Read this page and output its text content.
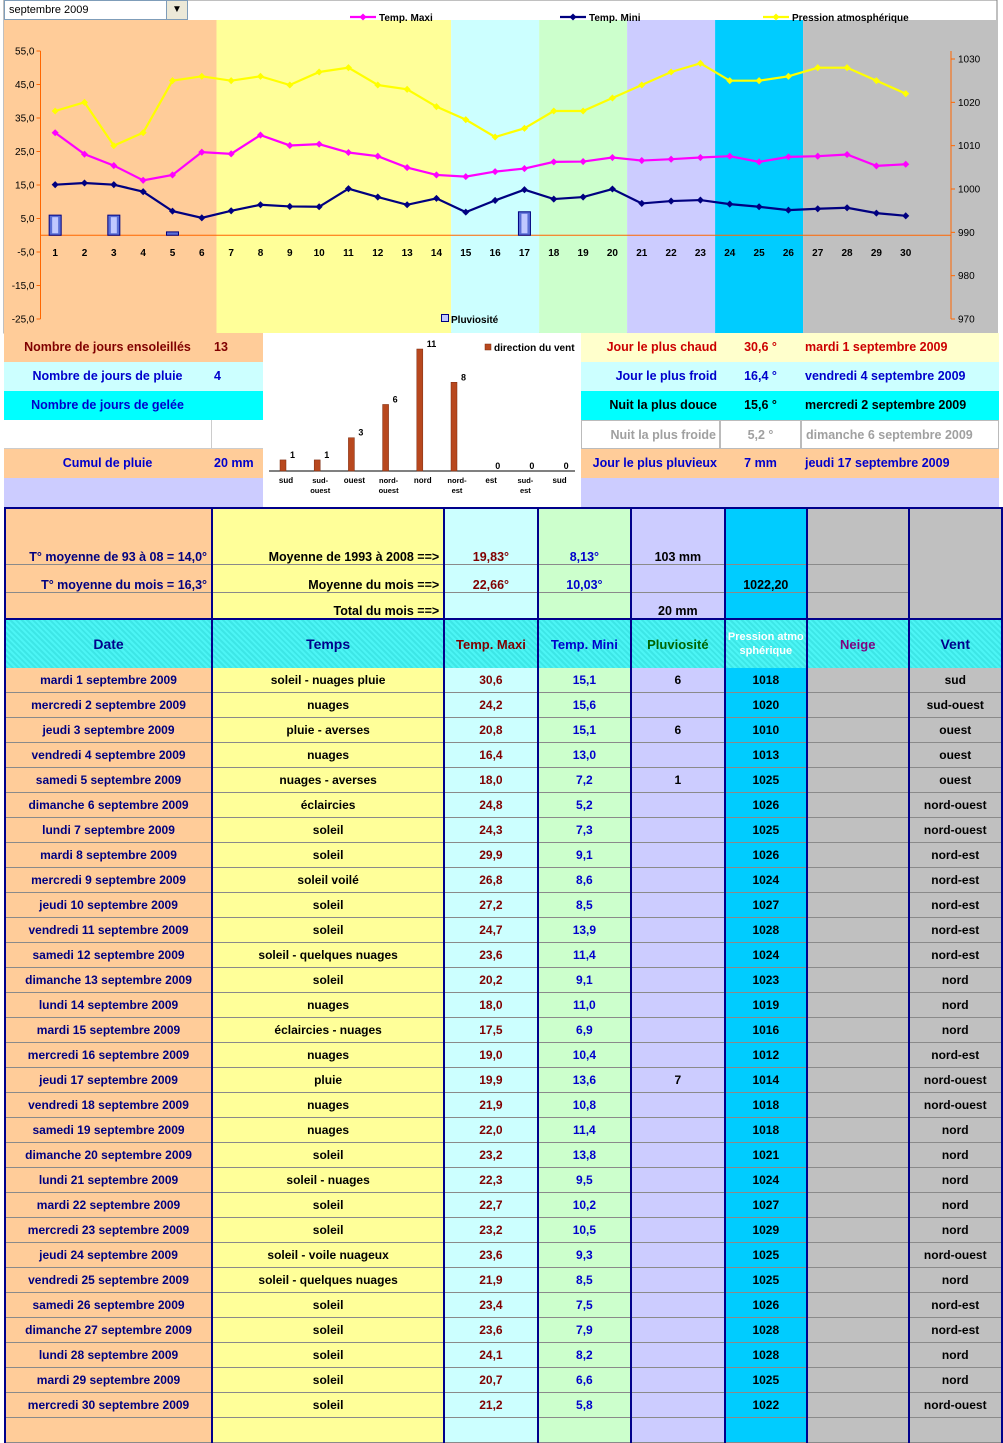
55,0
45,0
35,0
25,0
15,0
5,0
-5,0
-15,0
-25,0
1030
1020
1010
1000
990
980
970
1 2 3 4 5 6 7 8 9 10 11 12 13 14 15 16 17 18 19 20 21 22 23 24 25 26 27 28 29 30
Temp. Maxi	Temp. Mini	Pression atmosphérique
Pluviosité
septembre 2009	▼
Nombre de jours ensoleillés	13
Nombre de jours de pluie	4
Nombre de jours de gelée
Cumul de pluie	20 mm
1
sud
1
sud-ouest
3
ouest
6
nord-ouest
11
nord
8
nord-est
0
est
0
sud-est
0
sud
direction du vent	Jour le plus chaud	30,6 °	mardi 1 septembre 2009
Jour le plus froid	16,4 °	vendredi 4 septembre 2009
Nuit la plus douce	15,6 °	mercredi 2 septembre 2009
Nuit la plus froide	5,2 °	dimanche 6 septembre 2009
Jour le plus pluvieux	7 mm	jeudi 17 septembre 2009
T° moyenne de 93 à 08 = 14,0°	Moyenne de 1993 à 2008 ==>	19,83°	8,13°	103 mm			
T° moyenne du mois = 16,3°	Moyenne du mois ==>	22,66°	10,03°		1022,20		
	Total du mois ==>			20 mm			
Date	Temps	Temp. Maxi	Temp. Mini	Pluviosité	Pression atmosphérique	Neige	Vent
mardi 1 septembre 2009	soleil - nuages pluie	30,6	15,1	6	1018		sud
mercredi 2 septembre 2009	nuages	24,2	15,6		1020		sud-ouest
jeudi 3 septembre 2009	pluie - averses	20,8	15,1	6	1010		ouest
vendredi 4 septembre 2009	nuages	16,4	13,0		1013		ouest
samedi 5 septembre 2009	nuages - averses	18,0	7,2	1	1025		ouest
dimanche 6 septembre 2009	éclaircies	24,8	5,2		1026		nord-ouest
lundi 7 septembre 2009	soleil	24,3	7,3		1025		nord-ouest
mardi 8 septembre 2009	soleil	29,9	9,1		1026		nord-est
mercredi 9 septembre 2009	soleil voilé	26,8	8,6		1024		nord-est
jeudi 10 septembre 2009	soleil	27,2	8,5		1027		nord-est
vendredi 11 septembre 2009	soleil	24,7	13,9		1028		nord-est
samedi 12 septembre 2009	soleil - quelques nuages	23,6	11,4		1024		nord-est
dimanche 13 septembre 2009	soleil	20,2	9,1		1023		nord
lundi 14 septembre 2009	nuages	18,0	11,0		1019		nord
mardi 15 septembre 2009	éclaircies - nuages	17,5	6,9		1016		nord
mercredi 16 septembre 2009	nuages	19,0	10,4		1012		nord-est
jeudi 17 septembre 2009	pluie	19,9	13,6	7	1014		nord-ouest
vendredi 18 septembre 2009	nuages	21,9	10,8		1018		nord-ouest
samedi 19 septembre 2009	nuages	22,0	11,4		1018		nord
dimanche 20 septembre 2009	soleil	23,2	13,8		1021		nord
lundi 21 septembre 2009	soleil - nuages	22,3	9,5		1024		nord
mardi 22 septembre 2009	soleil	22,7	10,2		1027		nord
mercredi 23 septembre 2009	soleil	23,2	10,5		1029		nord
jeudi 24 septembre 2009	soleil - voile nuageux	23,6	9,3		1025		nord-ouest
vendredi 25 septembre 2009	soleil - quelques nuages	21,9	8,5		1025		nord
samedi 26 septembre 2009	soleil	23,4	7,5		1026		nord-est
dimanche 27 septembre 2009	soleil	23,6	7,9		1028		nord-est
lundi 28 septembre 2009	soleil	24,1	8,2		1028		nord
mardi 29 septembre 2009	soleil	20,7	6,6		1025		nord
mercredi 30 septembre 2009	soleil	21,2	5,8		1022		nord-ouest
